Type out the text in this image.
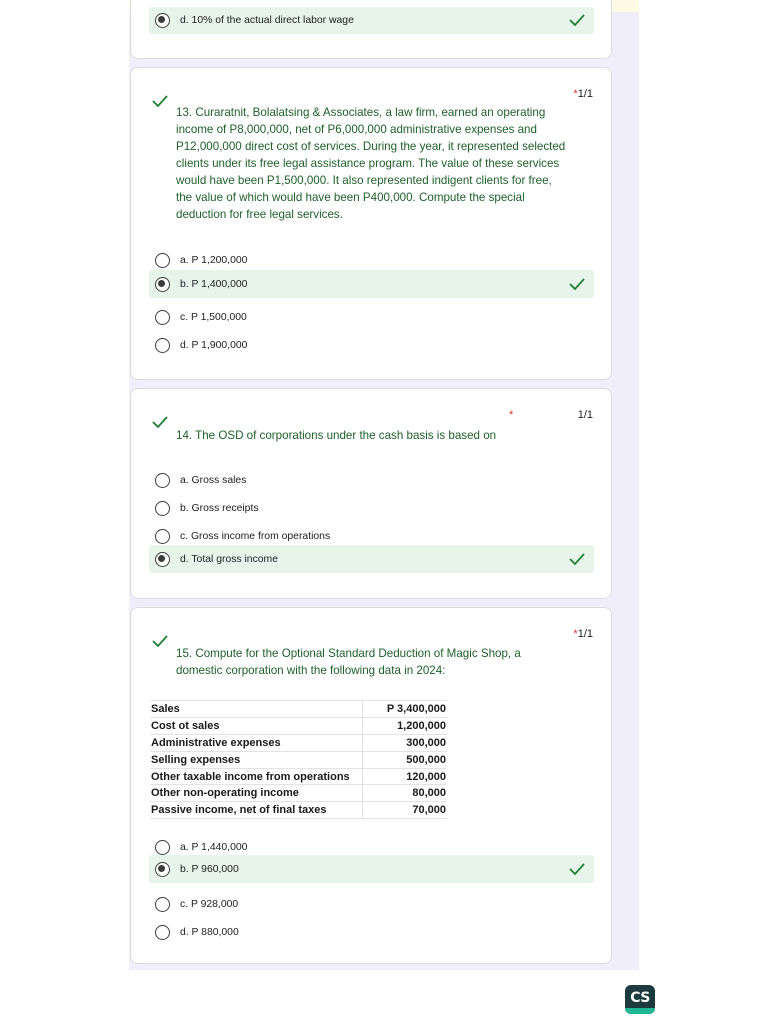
d. 10% of the actual direct labor wage
*1/1
13. Curaratnit, Bolalatsing & Associates, a law firm, earned an operating income of P8,000,000, net of P6,000,000 administrative expenses and P12,000,000 direct cost of services. During the year, it represented selected clients under its free legal assistance program. The value of these services would have been P1,500,000. It also represented indigent clients for free, the value of which would have been P400,000. Compute the special deduction for free legal services.
a. P 1,200,000
b. P 1,400,000
c. P 1,500,000
d. P 1,900,000
*	1/1
14. The OSD of corporations under the cash basis is based on
a. Gross sales
b. Gross receipts
c. Gross income from operations
d. Total gross income
*1/1
15. Compute for the Optional Standard Deduction of Magic Shop, a domestic corporation with the following data in 2024:
Sales	P 3,400,000
Cost ot sales	1,200,000
Administrative expenses	300,000
Selling expenses	500,000
Other taxable income from operations	120,000
Other non-operating income	80,000
Passive income, net of final taxes	70,000
a. P 1,440,000
b. P 960,000
c. P 928,000
d. P 880,000
CS
